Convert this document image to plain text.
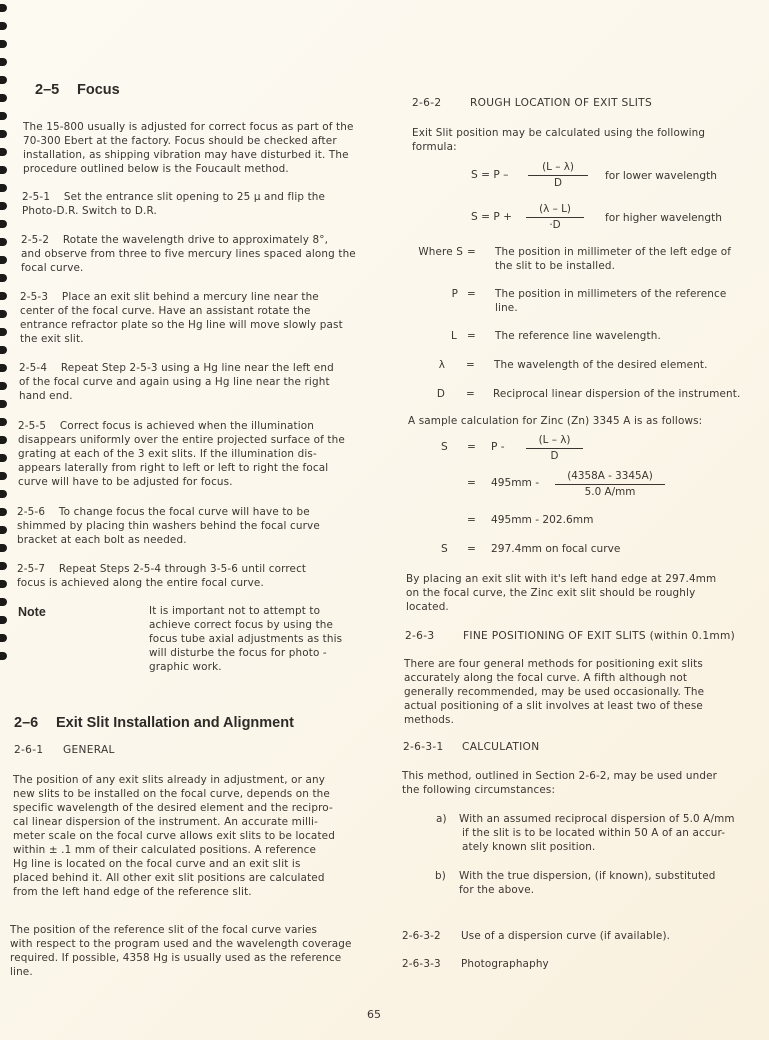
2–5 Focus
The 15-800 usually is adjusted for correct focus as part of the
70-300 Ebert at the factory. Focus should be checked after
installation, as shipping vibration may have disturbed it. The
procedure outlined below is the Foucault method.
2-5-1 Set the entrance slit opening to 25 μ and flip the
Photo-D.R. Switch to D.R.
2-5-2 Rotate the wavelength drive to approximately 8°,
and observe from three to five mercury lines spaced along the
focal curve.
2-5-3 Place an exit slit behind a mercury line near the
center of the focal curve. Have an assistant rotate the
entrance refractor plate so the Hg line will move slowly past
the exit slit.
2-5-4 Repeat Step 2-5-3 using a Hg line near the left end
of the focal curve and again using a Hg line near the right
hand end.
2-5-5 Correct focus is achieved when the illumination
disappears uniformly over the entire projected surface of the
grating at each of the 3 exit slits. If the illumination dis-
appears laterally from right to left or left to right the focal
curve will have to be adjusted for focus.
2-5-6 To change focus the focal curve will have to be
shimmed by placing thin washers behind the focal curve
bracket at each bolt as needed.
2-5-7 Repeat Steps 2-5-4 through 3-5-6 until correct
focus is achieved along the entire focal curve.
Note	It is important not to attempt to
achieve correct focus by using the
focus tube axial adjustments as this
will disturbe the focus for photo -
graphic work.
2–6 Exit Slit Installation and Alignment
2-6-1 GENERAL
The position of any exit slits already in adjustment, or any
new slits to be installed on the focal curve, depends on the
specific wavelength of the desired element and the recipro-
cal linear dispersion of the instrument. An accurate milli-
meter scale on the focal curve allows exit slits to be located
within ± .1 mm of their calculated positions. A reference
Hg line is located on the focal curve and an exit slit is
placed behind it. All other exit slit positions are calculated
from the left hand edge of the reference slit.
The position of the reference slit of the focal curve varies
with respect to the program used and the wavelength coverage
required. If possible, 4358 Hg is usually used as the reference
line.
65
2-6-2	ROUGH LOCATION OF EXIT SLITS
Exit Slit position may be calculated using the following
formula:
S = P –
(L – λ)
D
for lower wavelength
S = P +
(λ – L)
·D
for higher wavelength
Where S = The position in millimeter of the left edge of
the slit to be installed.
P = The position in millimeters of the reference
line.
L = The reference line wavelength.
λ = The wavelength of the desired element.
D = Reciprocal linear dispersion of the instrument.
A sample calculation for Zinc (Zn) 3345 A is as follows:
S = P -
(L – λ)
D
= 495mm -
(4358A - 3345A)
5.0 A/mm
= 495mm - 202.6mm
S = 297.4mm on focal curve
By placing an exit slit with it's left hand edge at 297.4mm
on the focal curve, the Zinc exit slit should be roughly
located.
2-6-3	FINE POSITIONING OF EXIT SLITS (within 0.1mm)
There are four general methods for positioning exit slits
accurately along the focal curve. A fifth although not
generally recommended, may be used occasionally. The
actual positioning of a slit involves at least two of these
methods.
2-6-3-1 CALCULATION
This method, outlined in Section 2-6-2, may be used under
the following circumstances:
a) With an assumed reciprocal dispersion of 5.0 A/mm
if the slit is to be located within 50 A of an accur-
ately known slit position.
b) With the true dispersion, (if known), substituted
for the above.
2-6-3-2 Use of a dispersion curve (if available).
2-6-3-3 Photographaphy
